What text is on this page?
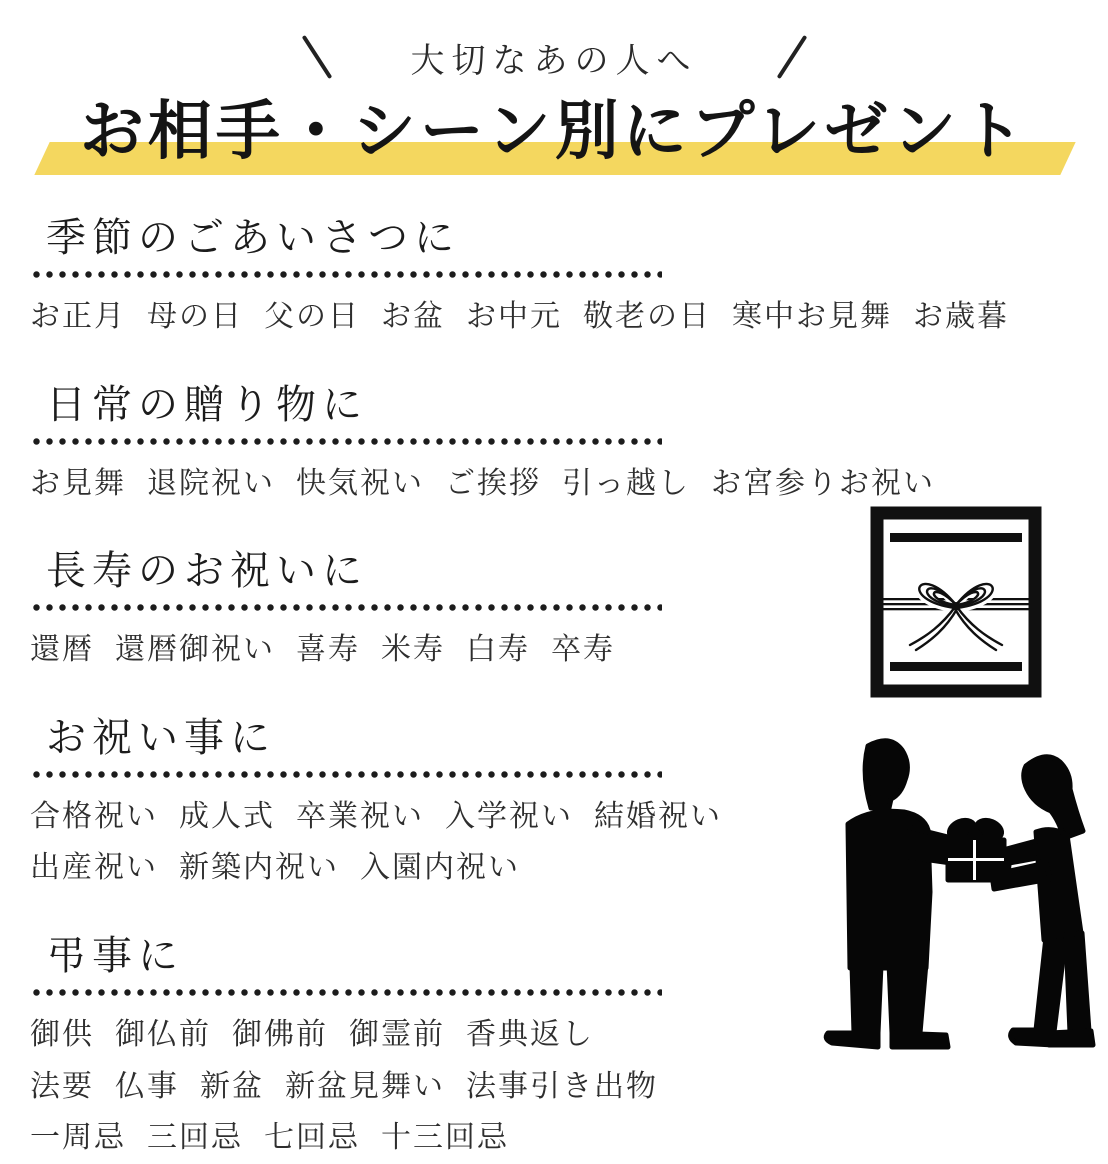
大切なあの人へ
お相手・シーン別にプレゼント
季節のごあいさつに
お正月 母の日 父の日 お盆 お中元 敬老の日 寒中お見舞 お歳暮
日常の贈り物に
お見舞 退院祝い 快気祝い ご挨拶 引っ越し お宮参りお祝い
長寿のお祝いに
還暦 還暦御祝い 喜寿 米寿 白寿 卒寿
お祝い事に
合格祝い 成人式 卒業祝い 入学祝い 結婚祝い
出産祝い 新築内祝い 入園内祝い
弔事に
御供 御仏前 御佛前 御霊前 香典返し
法要 仏事 新盆 新盆見舞い 法事引き出物
一周忌 三回忌 七回忌 十三回忌
